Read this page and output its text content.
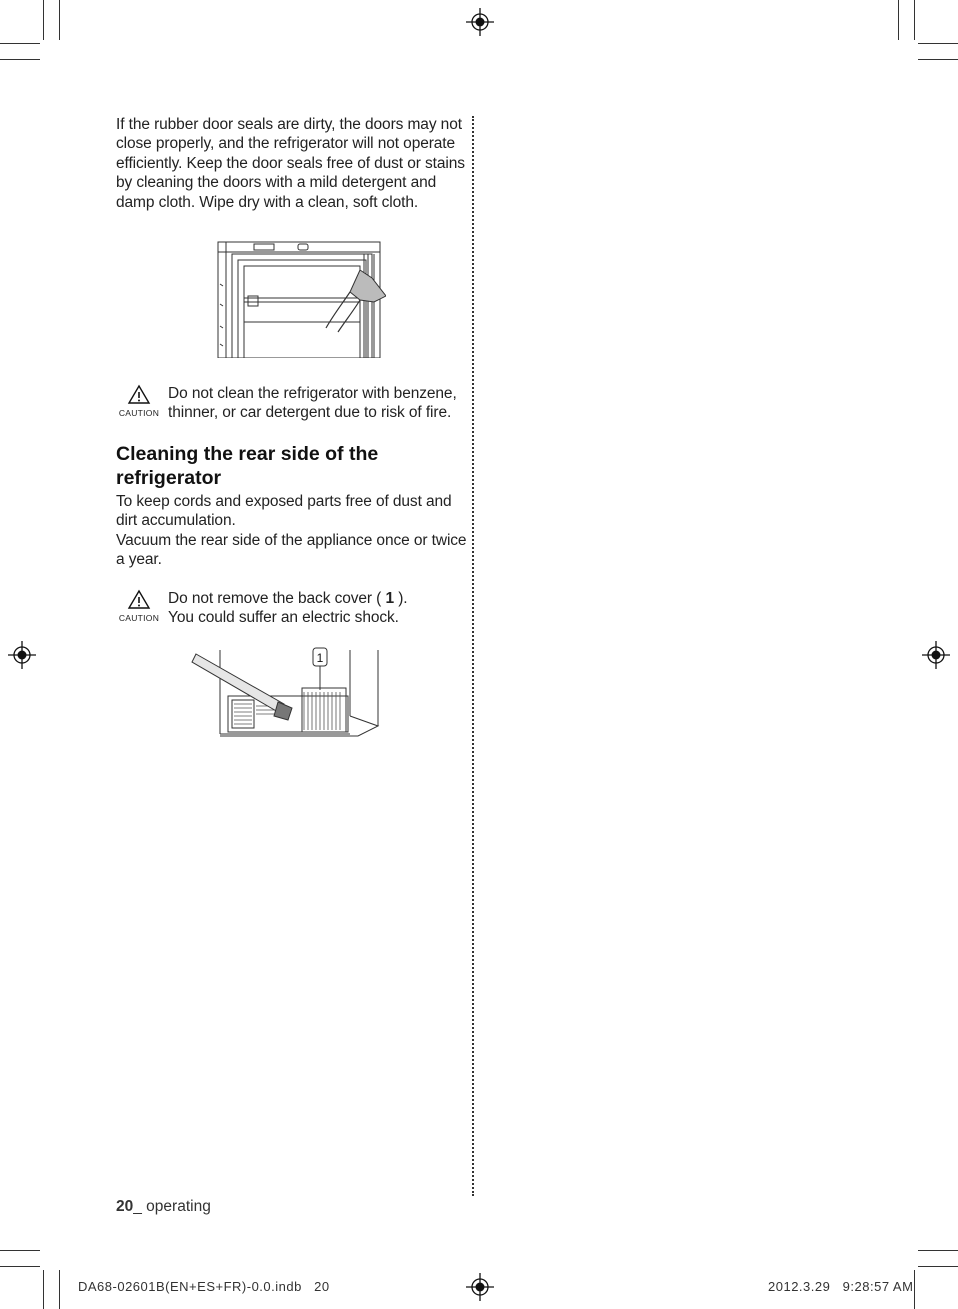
If the rubber door seals are dirty, the doors may not close properly, and the refrigerator will not operate efficiently. Keep the door seals free of dust or stains by cleaning the doors with a mild detergent and damp cloth. Wipe dry with a clean, soft cloth.
CAUTION
Do not clean the refrigerator with benzene, thinner, or car detergent due to risk of fire.
Cleaning the rear side of the refrigerator
To keep cords and exposed parts free of dust and dirt accumulation.
Vacuum the rear side of the appliance once or twice a year.
CAUTION
Do not remove the back cover ( 1 ).
You could suffer an electric shock.
1
20_ operating
DA68-02601B(EN+ES+FR)-0.0.indb   20	2012.3.29   9:28:57 AM
